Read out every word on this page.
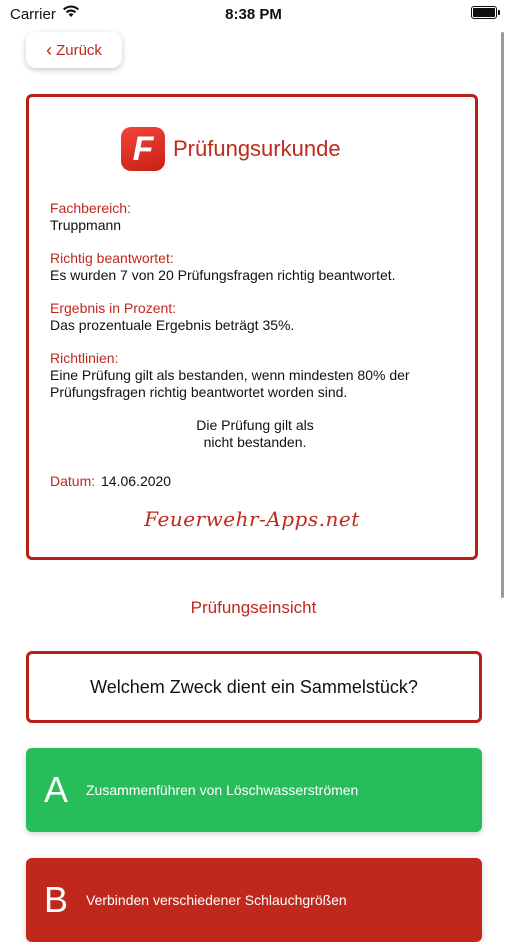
Carrier	8:38 PM
‹ Zurück
F Prüfungsurkunde
Fachbereich:
Truppmann
Richtig beantwortet:
Es wurden 7 von 20 Prüfungsfragen richtig beantwortet.
Ergebnis in Prozent:
Das prozentuale Ergebnis beträgt 35%.
Richtlinien:
Eine Prüfung gilt als bestanden, wenn mindesten 80% der Prüfungsfragen richtig beantwortet worden sind.
Die Prüfung gilt als
nicht bestanden.
Datum: 14.06.2020
Feuerwehr-Apps.net
Prüfungseinsicht
Welchem Zweck dient ein Sammelstück?
A	Zusammenführen von Löschwasserströmen
B	Verbinden verschiedener Schlauchgrößen
